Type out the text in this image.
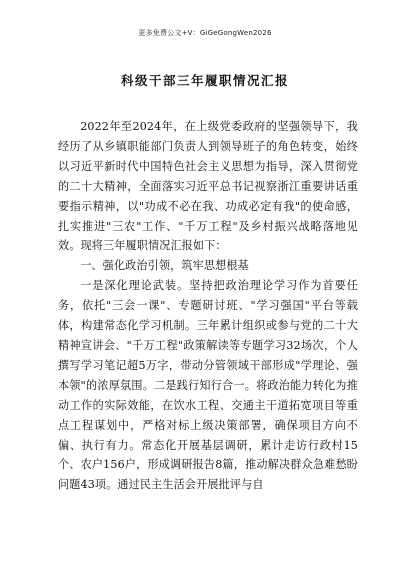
更多免费公文+V：GiGeGongWen2026
科级干部三年履职情况汇报

2022年至2024年，在上级党委政府的坚强领导下，我经历了从乡镇职能部门负责人到领导班子的角色转变，始终以习近平新时代中国特色社会主义思想为指导，深入贯彻党的二十大精神，全面落实习近平总书记视察浙江重要讲话重要指示精神，以"功成不必在我、功成必定有我"的使命感，扎实推进"三农"工作、"千万工程"及乡村振兴战略落地见效。现将三年履职情况汇报如下：

一、强化政治引领，筑牢思想根基

一是深化理论武装。坚持把政治理论学习作为首要任务，依托"三会一课"、专题研讨班、"学习强国"平台等载体，构建常态化学习机制。三年累计组织或参与党的二十大精神宣讲会、"千万工程"政策解读等专题学习32场次，个人撰写学习笔记超5万字，带动分管领域干部形成"学理论、强本领"的浓厚氛围。二是践行知行合一。将政治能力转化为推动工作的实际效能，在饮水工程、交通主干道拓宽项目等重点工程谋划中，严格对标上级决策部署，确保项目方向不偏、执行有力。常态化开展基层调研，累计走访行政村15个、农户156户，形成调研报告8篇，推动解决群众急难愁盼问题43项。通过民主生活会开展批评与自
